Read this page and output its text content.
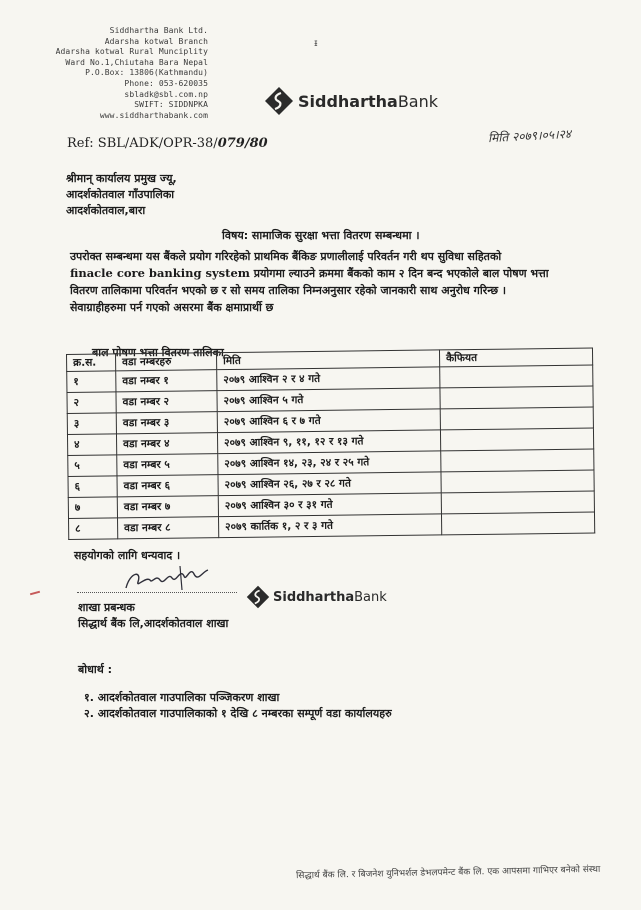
ᵻ
Siddhartha Bank Ltd.
Adarsha kotwal Branch
Adarsha kotwal Rural Munciplity
Ward No.1,Chiutaha Bara Nepal
P.O.Box: 13806(Kathmandu)
Phone: 053-620035
sbladk@sbl.com.np
SWIFT: SIDDNPKA
www.siddharthabank.com
SiddharthaBank
Ref: SBL/ADK/OPR-38/079/80	मिति २०७९।०५।२४
श्रीमान् कार्यालय प्रमुख ज्यू,
आदर्शकोतवाल गाँउपालिका
आदर्शकोतवाल,बारा
विषय: सामाजिक सुरक्षा भत्ता वितरण सम्बन्धमा ।

उपरोक्त सम्बन्धमा यस बैंकले प्रयोग गरिरहेको प्राथमिक बैंकिङ प्रणालीलाई परिवर्तन गरी थप सुविधा सहितको

finacle core banking system प्रयोगमा ल्याउने क्रममा बैंकको काम २ दिन बन्द भएकोले बाल पोषण भत्ता

वितरण तालिकामा परिवर्तन भएको छ र सो समय तालिका निम्नअनुसार रहेको जानकारी साथ अनुरोध गरिन्छ ।

सेवाग्राहीहरुमा पर्न गएको असरमा बैंक क्षमाप्रार्थी छ

बाल पोषण भत्ता वितरण तालिका
क्र.स.	वडा नम्बरहरु	मिति	कैफियत
१	वडा नम्बर १	२०७९ आश्विन २ र ४ गते	
२	वडा नम्बर २	२०७९ आश्विन ५ गते	
३	वडा नम्बर ३	२०७९ आश्विन ६ र ७ गते	
४	वडा नम्बर ४	२०७९ आश्विन ९, ११, १२ र १३ गते	
५	वडा नम्बर ५	२०७९ आश्विन १४, २३, २४ र २५ गते	
६	वडा नम्बर ६	२०७९ आश्विन २६, २७ र २८ गते	
७	वडा नम्बर ७	२०७९ आश्विन ३० र ३१ गते	
८	वडा नम्बर ८	२०७९ कार्तिक १, २ र ३ गते	
सहयोगको लागि धन्यवाद ।
SiddharthaBank
शाखा प्रबन्धक
सिद्धार्थ बैंक लि,आदर्शकोतवाल शाखा
बोधार्थ :
१. आदर्शकोतवाल गाउपालिका पञ्जिकरण शाखा
२. आदर्शकोतवाल गाउपालिकाको १ देखि ८ नम्बरका सम्पूर्ण वडा कार्यालयहरु
सिद्धार्थ बैंक लि. र बिजनेश युनिभर्शल डेभलपमेन्ट बैंक लि. एक आपसमा गाभिएर बनेको संस्था
